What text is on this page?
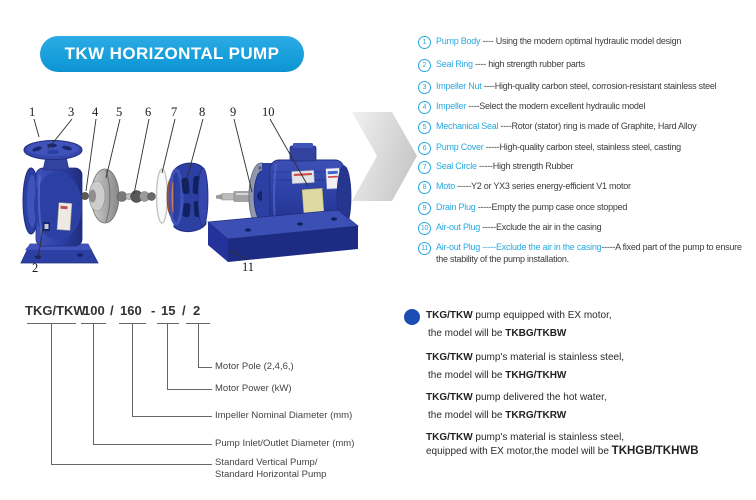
TKW HORIZONTAL PUMP
1	3 4 5 6 7 8 9 10
2	11
1	Pump Body ---- Using the modern optimal hydraulic model design
2	Seal Ring ---- high strength rubber parts
3	Impeller Nut ----High-quality carbon steel, corrosion-resistant stainless steel
4	Impeller ----Select the modern excellent hydraulic model
5	Mechanical Seal ----Rotor (stator) ring is made of Graphite, Hard Alloy
6	Pump Cover -----High-quality carbon steel, stainless steel, casting
7	Seal Circle -----High strength Rubber
8	Moto -----Y2 or YX3 series energy-efficient V1 motor
9	Drain Plug -----Empty the pump case once stopped
10 Air-out Plug -----Exclude the air in the casing
11 Air-out Plug -----Exclude the air in the casing-----A fixed part of the pump to ensure the stability of the pump installation.
TKG/TKW
100 / 160 - 15 / 2
Motor Pole (2,4,6,)
Motor Power (kW)
Impeller Nominal Diameter (mm)
Pump Inlet/Outlet Diameter (mm)
Standard Vertical Pump/
Standard Horizontal Pump
TKG/TKW pump equipped with EX motor,
the model will be TKBG/TKBW
TKG/TKW pump's material is stainless steel,
the model will be TKHG/TKHW
TKG/TKW pump delivered the hot water,
the model will be TKRG/TKRW
TKG/TKW pump's material is stainless steel,
equipped with EX motor,the model will be TKHGB/TKHWB
